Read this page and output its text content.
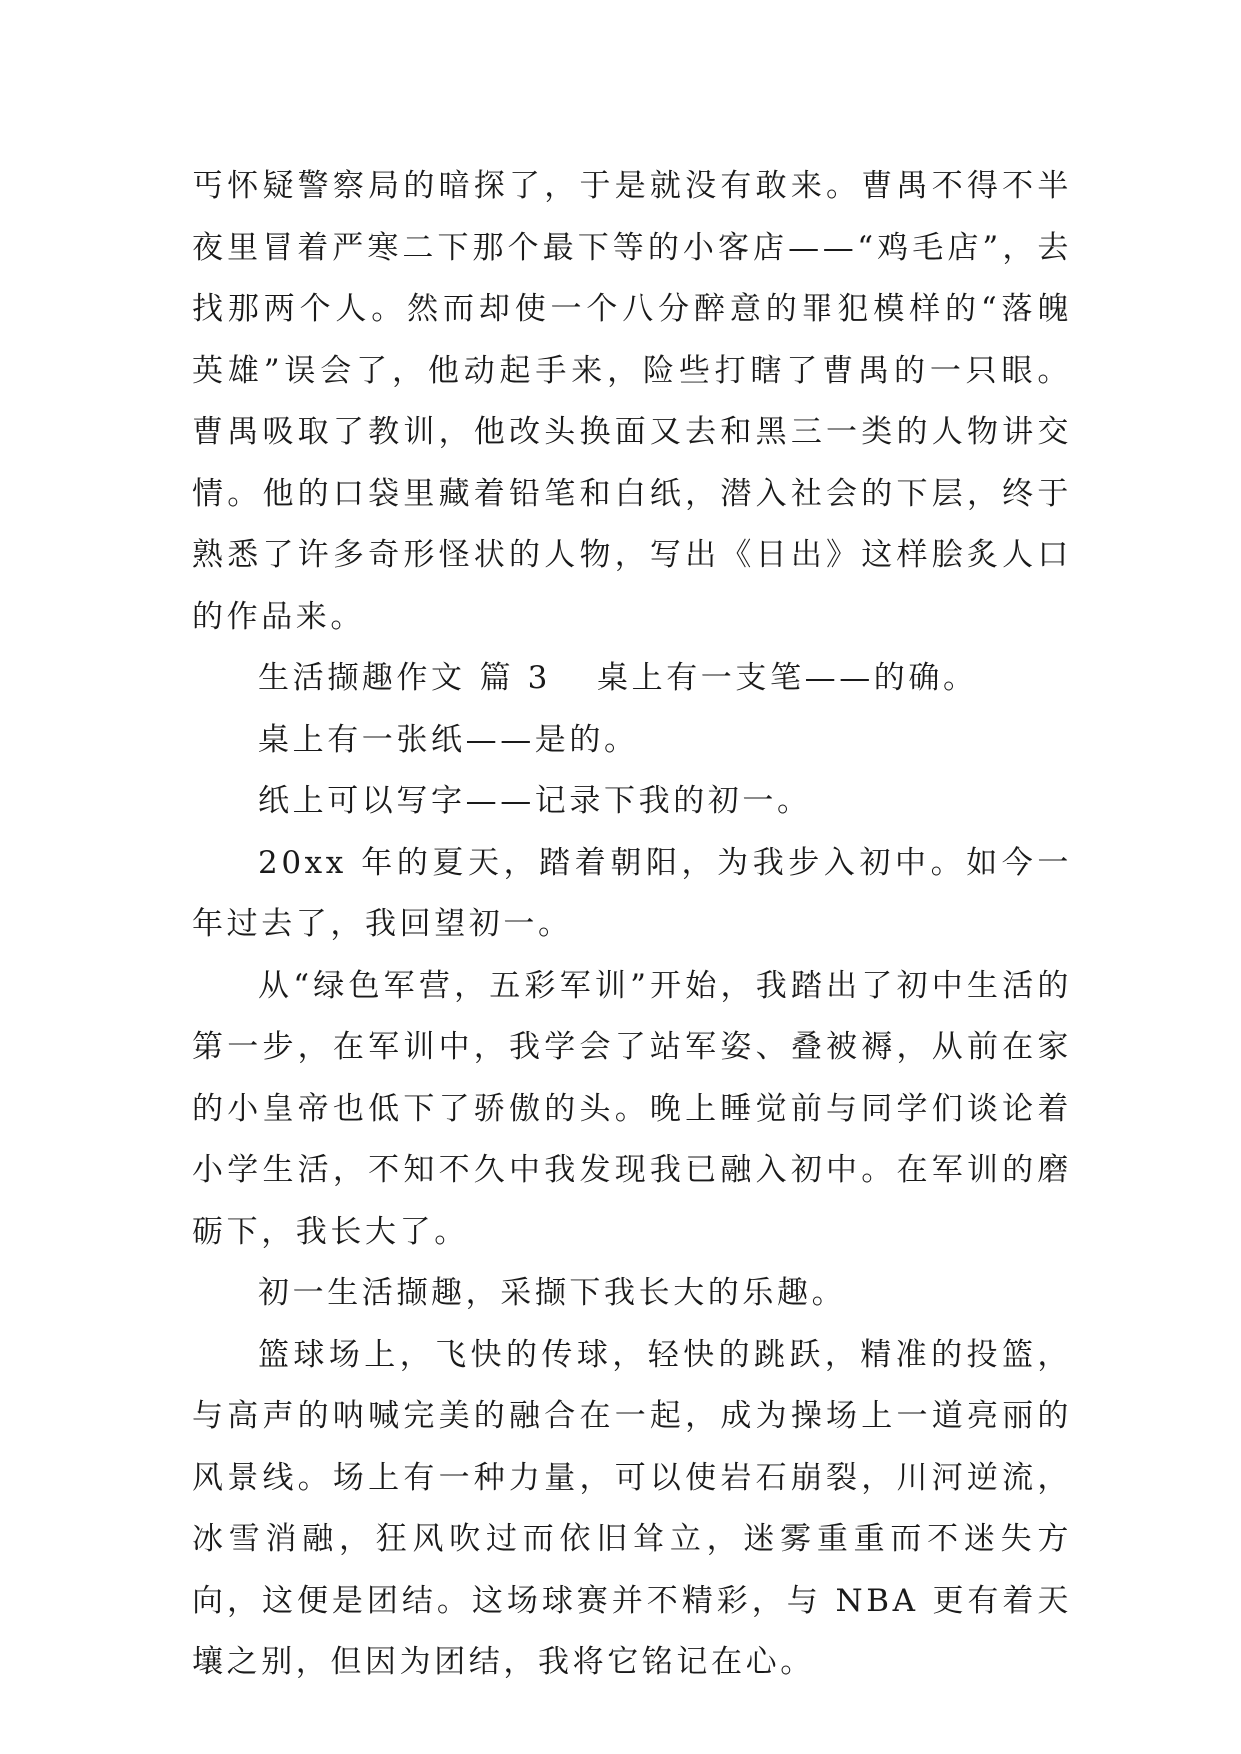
丐怀疑警察局的暗探了，于是就没有敢来。曹禺不得不半夜里冒着严寒二下那个最下等的小客店——“鸡毛店”，去找那两个人。然而却使一个八分醉意的罪犯模样的“落魄英雄”误会了，他动起手来，险些打瞎了曹禺的一只眼。曹禺吸取了教训，他改头换面又去和黑三一类的人物讲交情。他的口袋里藏着铅笔和白纸，潜入社会的下层，终于熟悉了许多奇形怪状的人物，写出《日出》这样脍炙人口的作品来。

生活撷趣作文 篇 3 桌上有一支笔——的确。

桌上有一张纸——是的。

纸上可以写字——记录下我的初一。

20xx 年的夏天，踏着朝阳，为我步入初中。如今一年过去了，我回望初一。

从“绿色军营，五彩军训”开始，我踏出了初中生活的第一步，在军训中，我学会了站军姿、叠被褥，从前在家的小皇帝也低下了骄傲的头。晚上睡觉前与同学们谈论着小学生活，不知不久中我发现我已融入初中。在军训的磨砺下，我长大了。

初一生活撷趣，采撷下我长大的乐趣。

篮球场上，飞快的传球，轻快的跳跃，精准的投篮，与高声的呐喊完美的融合在一起，成为操场上一道亮丽的风景线。场上有一种力量，可以使岩石崩裂，川河逆流，冰雪消融，狂风吹过而依旧耸立，迷雾重重而不迷失方向，这便是团结。这场球赛并不精彩，与 NBA 更有着天壤之别，但因为团结，我将它铭记在心。
